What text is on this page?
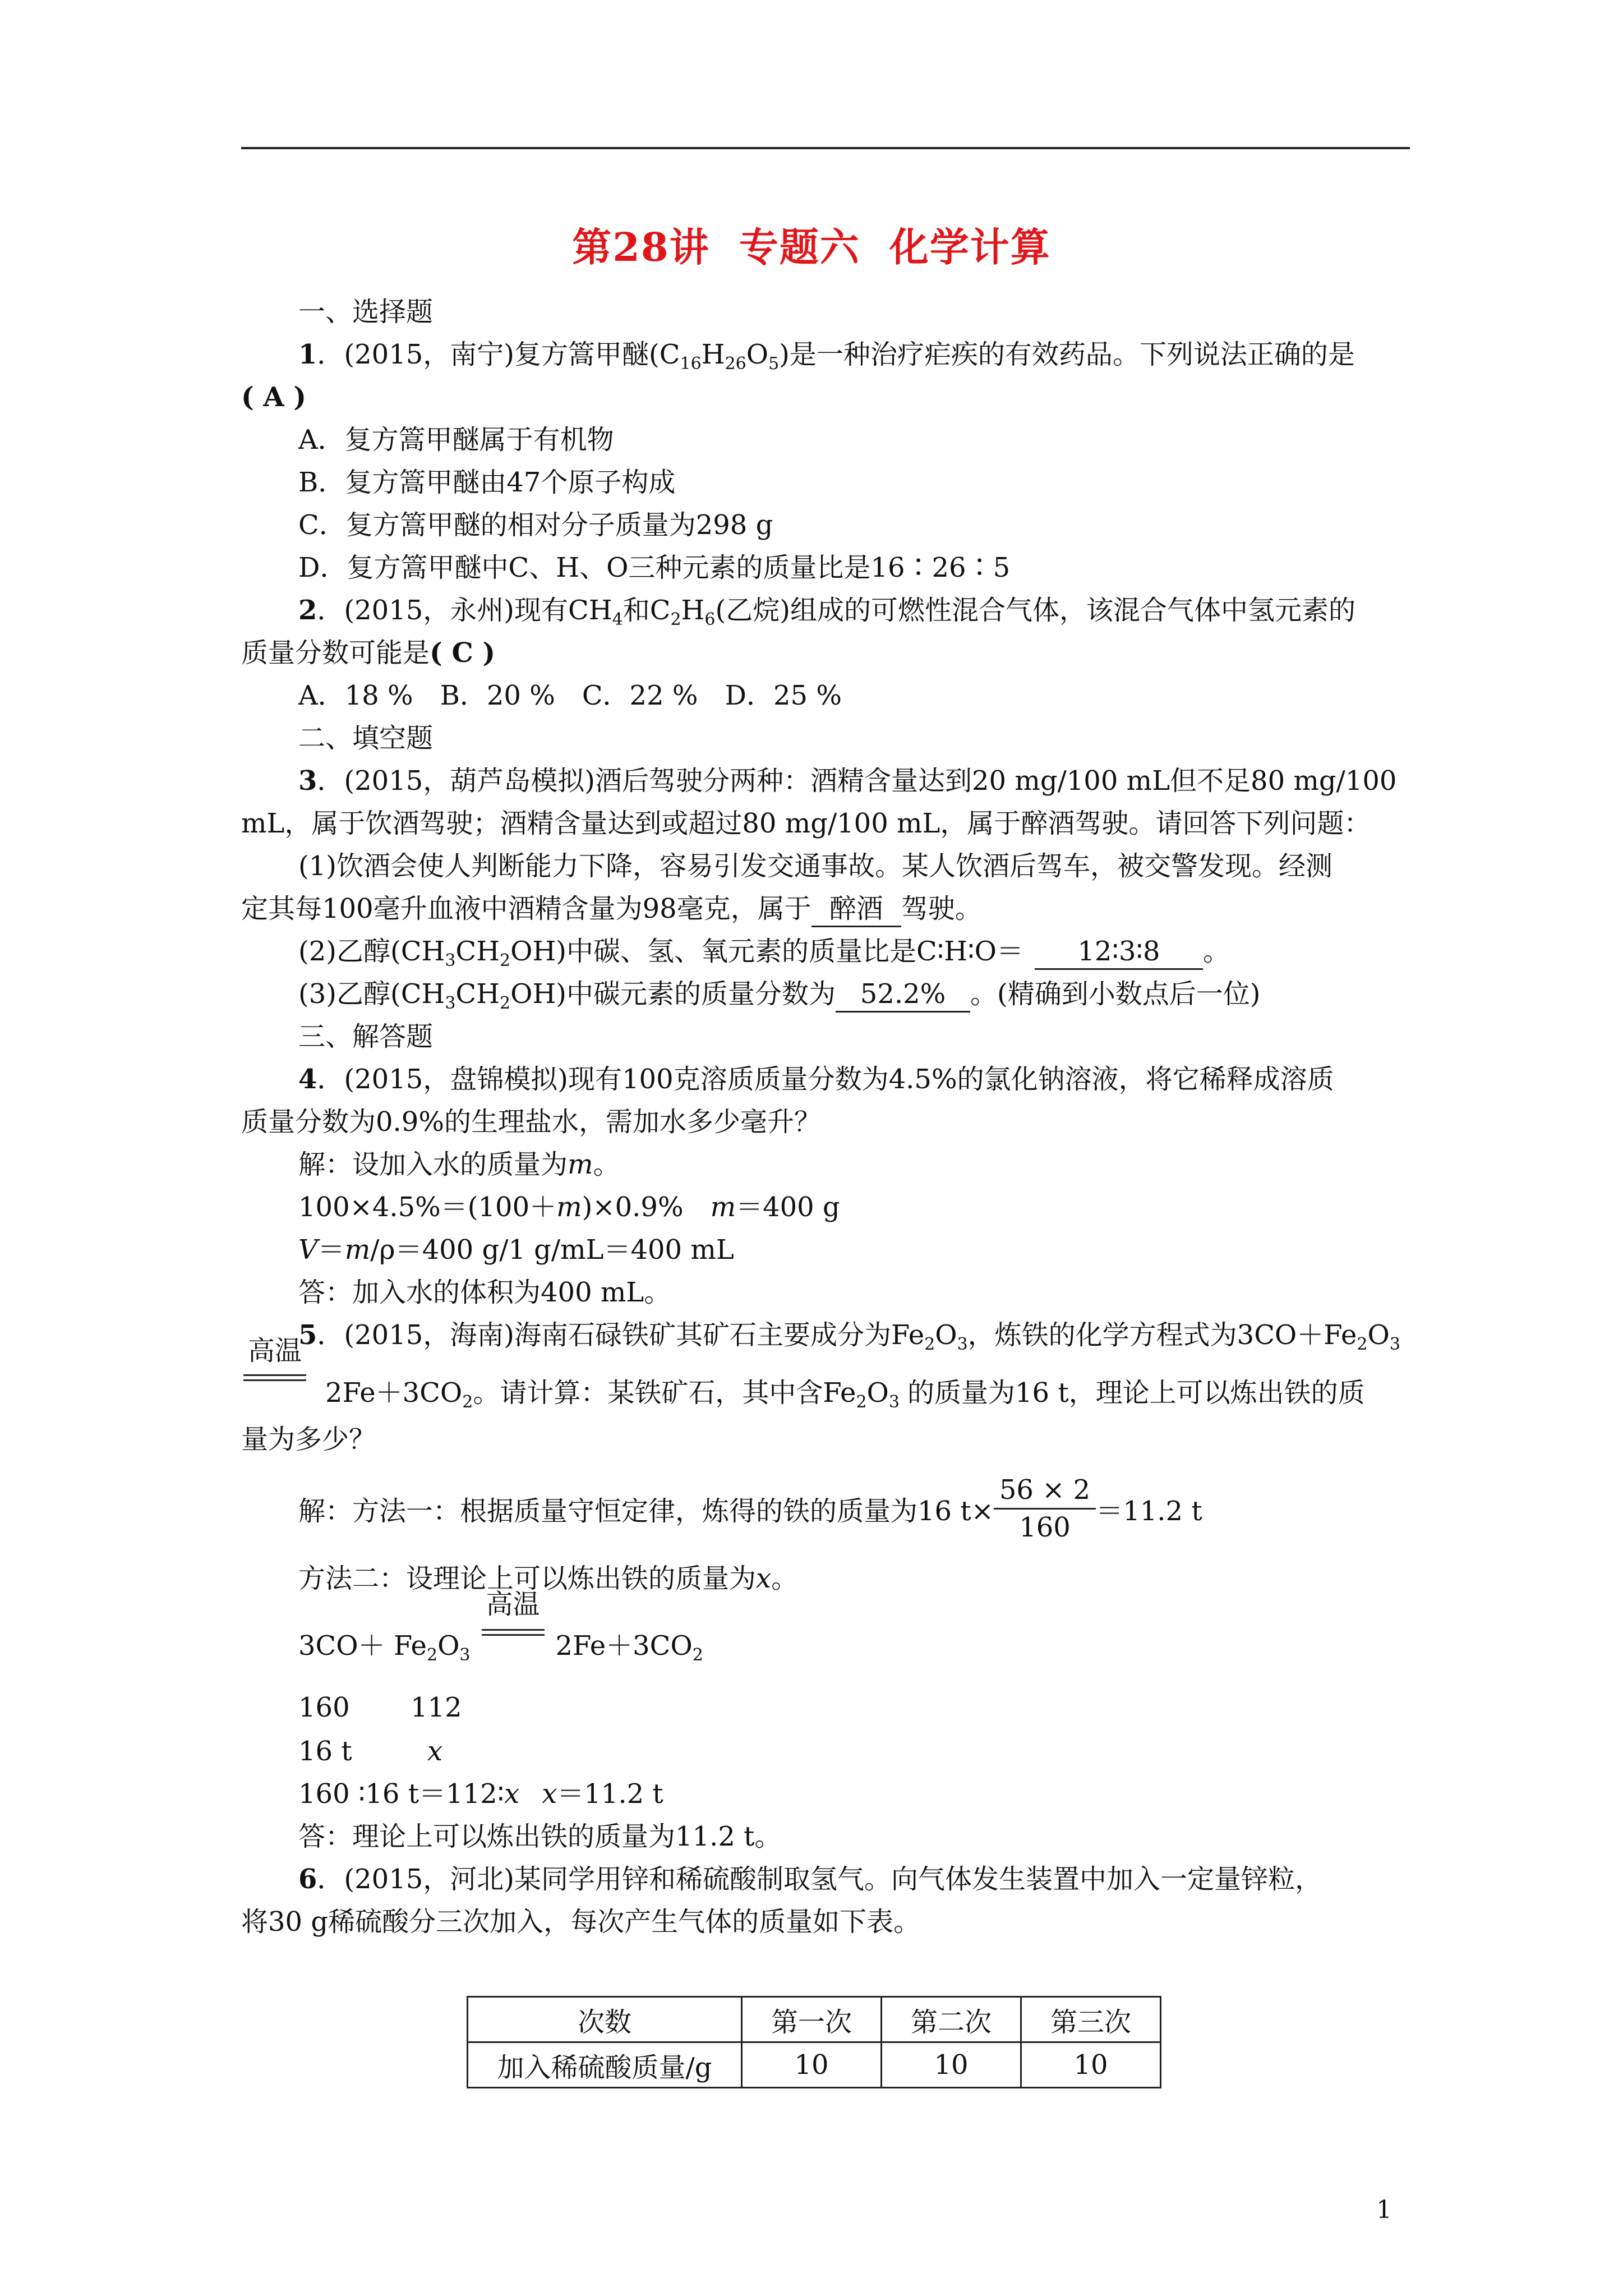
第28讲 专题六 化学计算
一、选择题
1．(2015，南宁)复方篙甲醚$(C_{16}H_{26}O_5)$是一种治疗疟疾的有效药品。下列说法正确的是
( A )
A．复方篙甲醚属于有机物
B．复方篙甲醚由47个原子构成
C．复方篙甲醚的相对分子质量为298 g
D．复方篙甲醚中C、H、O三种元素的质量比是16∶26∶5
2．(2015，永州)现有$CH_4$和$C_2H_6$(乙烷)组成的可燃性混合气体，该混合气体中氢元素的
质量分数可能是( C )
A．18 %　B．20 %　C．22 %　D．25 %
二、填空题
3．(2015，葫芦岛模拟)酒后驾驶分两种：酒精含量达到20 mg/100 mL但不足80 mg/100
mL，属于饮酒驾驶；酒精含量达到或超过80 mg/100 mL，属于醉酒驾驶。请回答下列问题：
(1)饮酒会使人判断能力下降，容易引发交通事故。某人饮酒后驾车，被交警发现。经测
定其每100毫升血液中酒精含量为98毫克，属于 醉酒 驾驶。
(2)乙醇$(CH_3CH_2OH)$中碳、氢、氧元素的质量比是C∶H∶O＝ 12∶3∶8 。
(3)乙醇$(CH_3CH_2OH)$中碳元素的质量分数为 52.2% 。(精确到小数点后一位)
三、解答题
4．(2015，盘锦模拟)现有100克溶质质量分数为4.5%的氯化钠溶液，将它稀释成溶质
质量分数为0.9%的生理盐水，需加水多少毫升？
解：设加入水的质量为m。
100×4.5%＝(100＋m)×0.9%　m＝400 g
V＝m/ρ＝400 g/1 g/mL＝400 mL
答：加入水的体积为400 mL。
5．(2015，海南)海南石碌铁矿其矿石主要成分为$Fe_2O_3$，炼铁的化学方程式为$3CO+Fe_2O_3$
高温
$2Fe+3CO_2$。请计算：某铁矿石，其中含$Fe_2O_3$ 的质量为16 t，理论上可以炼出铁的质
量为多少？
解：方法一：根据质量守恒定律，炼得的铁的质量为16 $t\times \frac{56 \times 2}{160} =11.2$ t
方法二：设理论上可以炼出铁的质量为x。
$3CO+ Fe_2O_3$
高温
$2Fe+3CO_2$
160 112
16 t	x
160 ∶16 t＝112∶x x＝11.2 t
答：理论上可以炼出铁的质量为11.2 t。
6．(2015，河北)某同学用锌和稀硫酸制取氢气。向气体发生装置中加入一定量锌粒，
将30 g稀硫酸分三次加入，每次产生气体的质量如下表。
次数	第一次	第二次	第三次
加入稀硫酸质量/g	10	10	10
1
